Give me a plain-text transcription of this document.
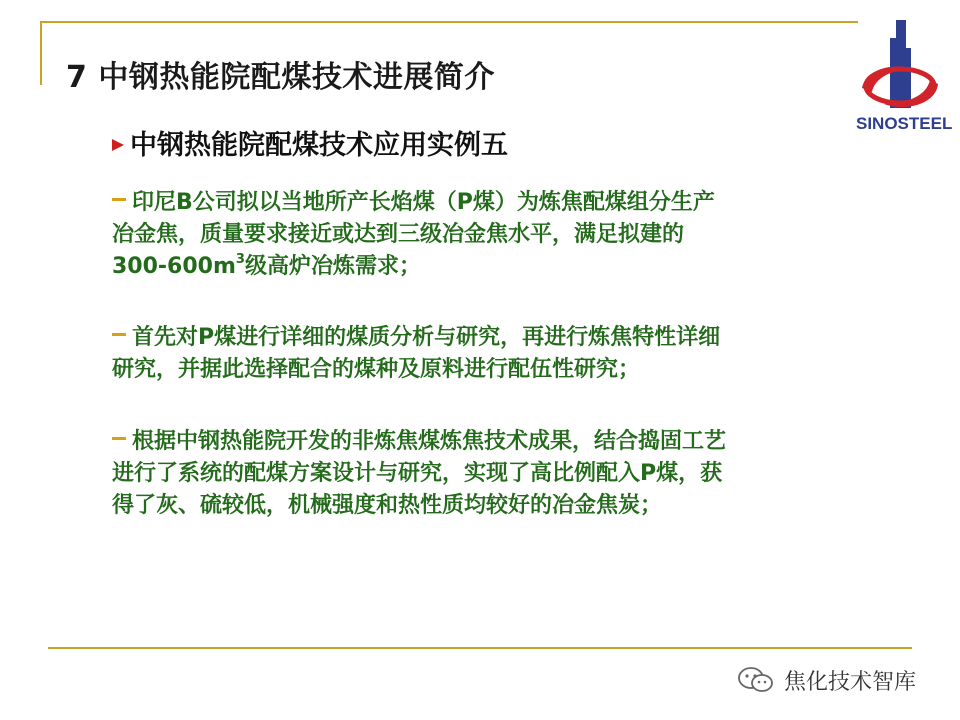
7 中钢热能院配煤技术进展简介
SINOSTEEL
中钢热能院配煤技术应用实例五
印尼B公司拟以当地所产长焰煤（P煤）为炼焦配煤组分生产
冶金焦，质量要求接近或达到三级冶金焦水平，满足拟建的
$300-600m^3$级高炉冶炼需求；
首先对P煤进行详细的煤质分析与研究，再进行炼焦特性详细
研究，并据此选择配合的煤种及原料进行配伍性研究；
根据中钢热能院开发的非炼焦煤炼焦技术成果，结合捣固工艺
进行了系统的配煤方案设计与研究，实现了高比例配入P煤，获
得了灰、硫较低，机械强度和热性质均较好的冶金焦炭；
焦化技术智库
